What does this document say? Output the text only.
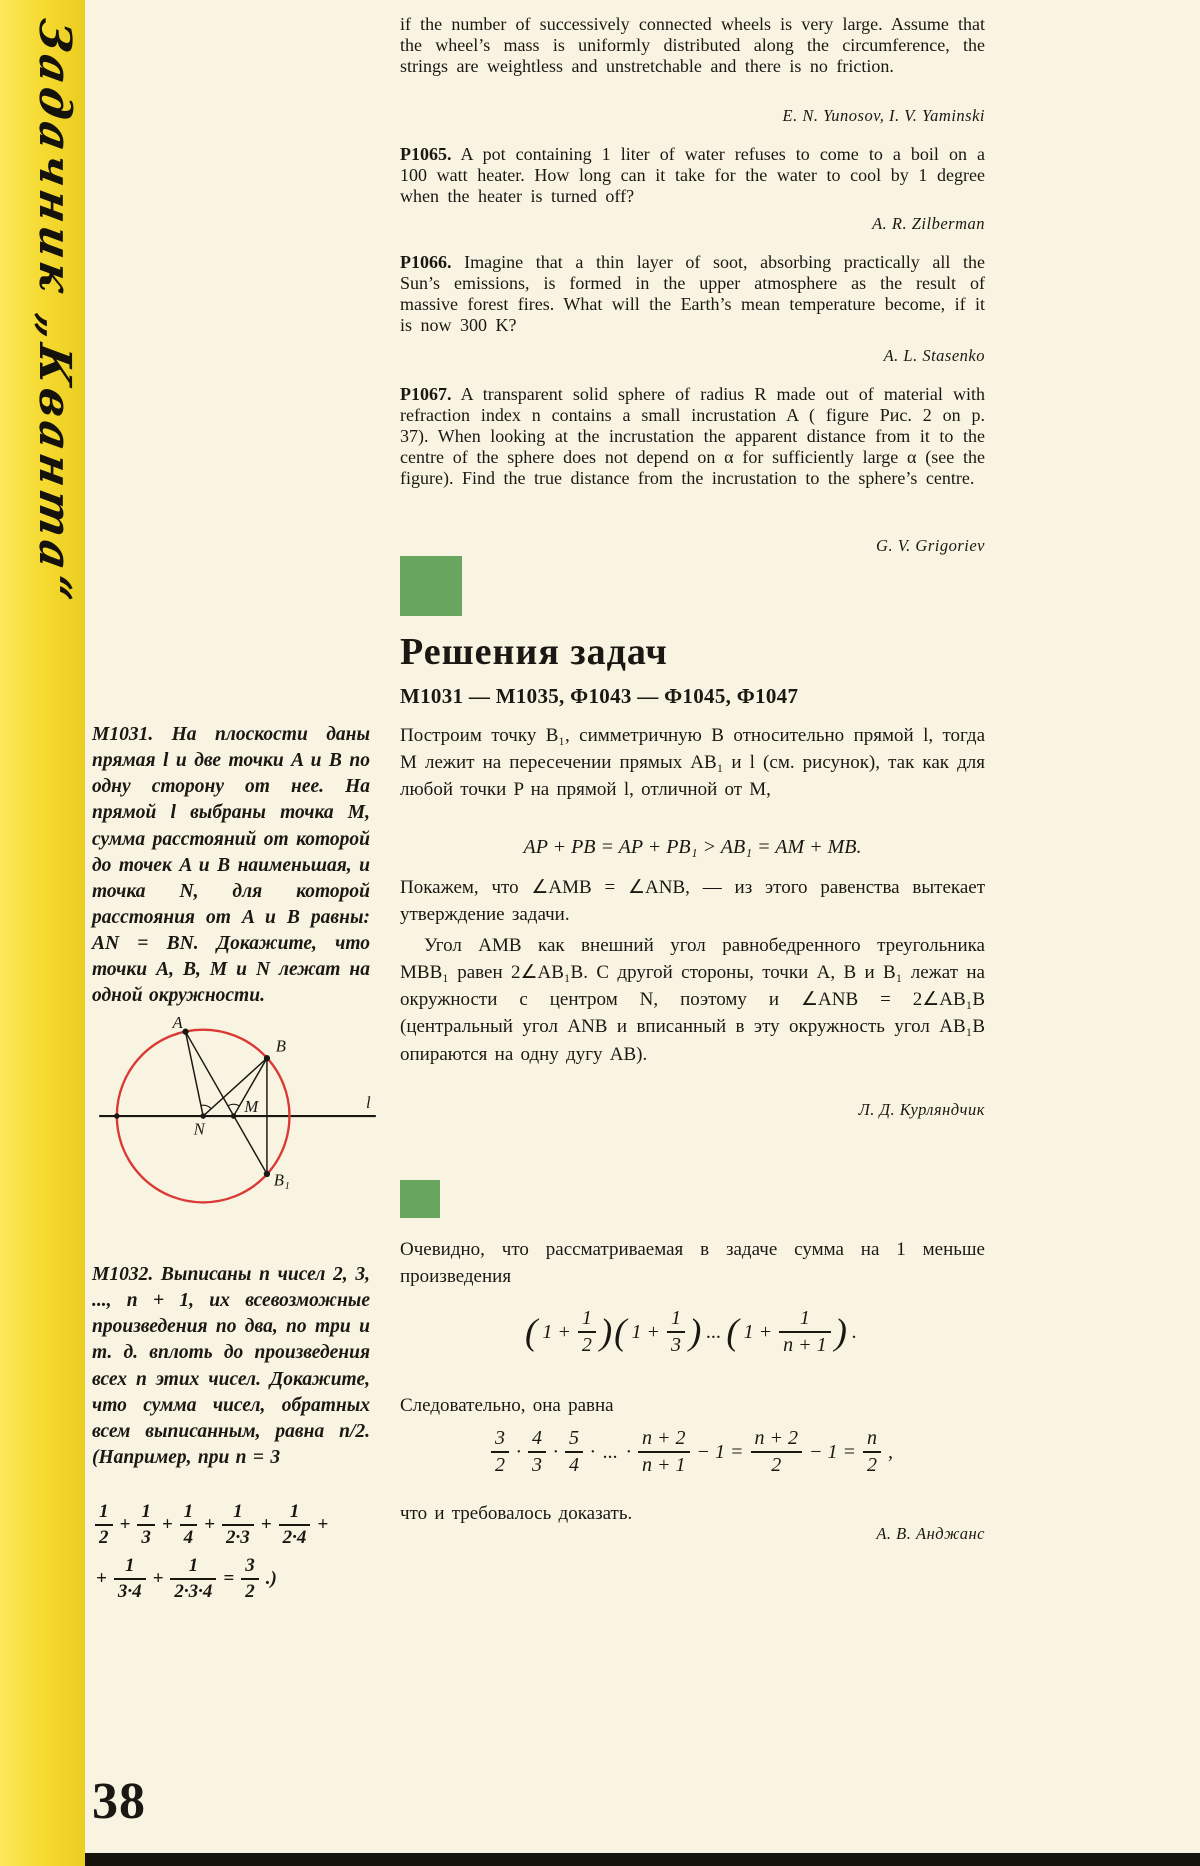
Задачник „Кванта“	if the number of successively connected wheels is very large. Assume that the wheel’s mass is uniformly distributed along the circumference, the strings are weightless and unstretchable and there is no friction.

E. N. Yunosov, I. V. Yaminski

P1065. A pot containing 1 liter of water refuses to come to a boil on a 100 watt heater. How long can it take for the water to cool by 1 degree when the heater is turned off?

A. R. Zilberman

P1066. Imagine that a thin layer of soot, absorbing practically all the Sun’s emissions, is formed in the upper atmosphere as the result of massive forest fires. What will the Earth’s mean temperature become, if it is now 300 K?

A. L. Stasenko

P1067. A transparent solid sphere of radius R made out of material with refraction index n contains a small incrustation A ( figure Рис. 2 on p. 37). When looking at the incrustation the apparent distance from it to the centre of the sphere does not depend on α for sufficiently large α (see the figure). Find the true distance from the incrustation to the sphere’s centre.

G. V. Grigoriev

Решения задач
М1031 — М1035, Ф1043 — Ф1045, Ф1047

М1031. На плоскости даны прямая l и две точки A и B по одну сторону от нее. На прямой l выбраны точка M, сумма расстояний от которой до точек A и B наименьшая, и точка N, для которой расстояния от A и B равны: AN = BN. Докажите, что точки A, B, M и N лежат на одной окружности.

A
B
M
N
B₁
l

Построим точку B₁, симметричную B относительно прямой l, тогда M лежит на пересечении прямых AB₁ и l (см. рисунок), так как для любой точки P на прямой l, отличной от M,

AP + PB = AP + PB₁ > AB₁ = AM + MB.

Покажем, что ∠AMB = ∠ANB, — из этого равенства вытекает утверждение задачи.

Угол AMB как внешний угол равнобедренного треугольника MBB₁ равен 2∠AB₁B. С другой стороны, точки A, B и B₁ лежат на окружности с центром N, поэтому и ∠ANB = 2∠AB₁B (центральный угол ANB и вписанный в эту окружность угол AB₁B опираются на одну дугу AB).

Л. Д. Курляндчик

М1032. Выписаны n чисел 2, 3, ..., n + 1, их всевозможные произведения по два, по три и т. д. вплоть до произведения всех n этих чисел. Докажите, что сумма чисел, обратных всем выписанным, равна n/2. (Например, при n = 3

$\frac{1}{2} + \frac{1}{3} + \frac{1}{4} + \frac{1}{2\cdot 3} + \frac{1}{2\cdot 4}$ +
+ $\frac{1}{3\cdot 4} + \frac{1}{2\cdot 3\cdot 4} = \frac{3}{2}$ .)

Очевидно, что рассматриваемая в задаче сумма на 1 меньше произведения

( $1 + \frac{1}{2}$ )( $1 + \frac{1}{3}$ ) ... ( $1 + \frac{1}{n + 1}$ ) .

Следовательно, она равна

$\frac{3}{2} \cdot \frac{4}{3} \cdot \frac{5}{4}$ · ... · $\frac{n + 2}{n + 1} - 1 = \frac{n + 2}{2} - 1 = \frac{n}{2}$ ,

что и требовалось доказать.

А. В. Анджанс

38
